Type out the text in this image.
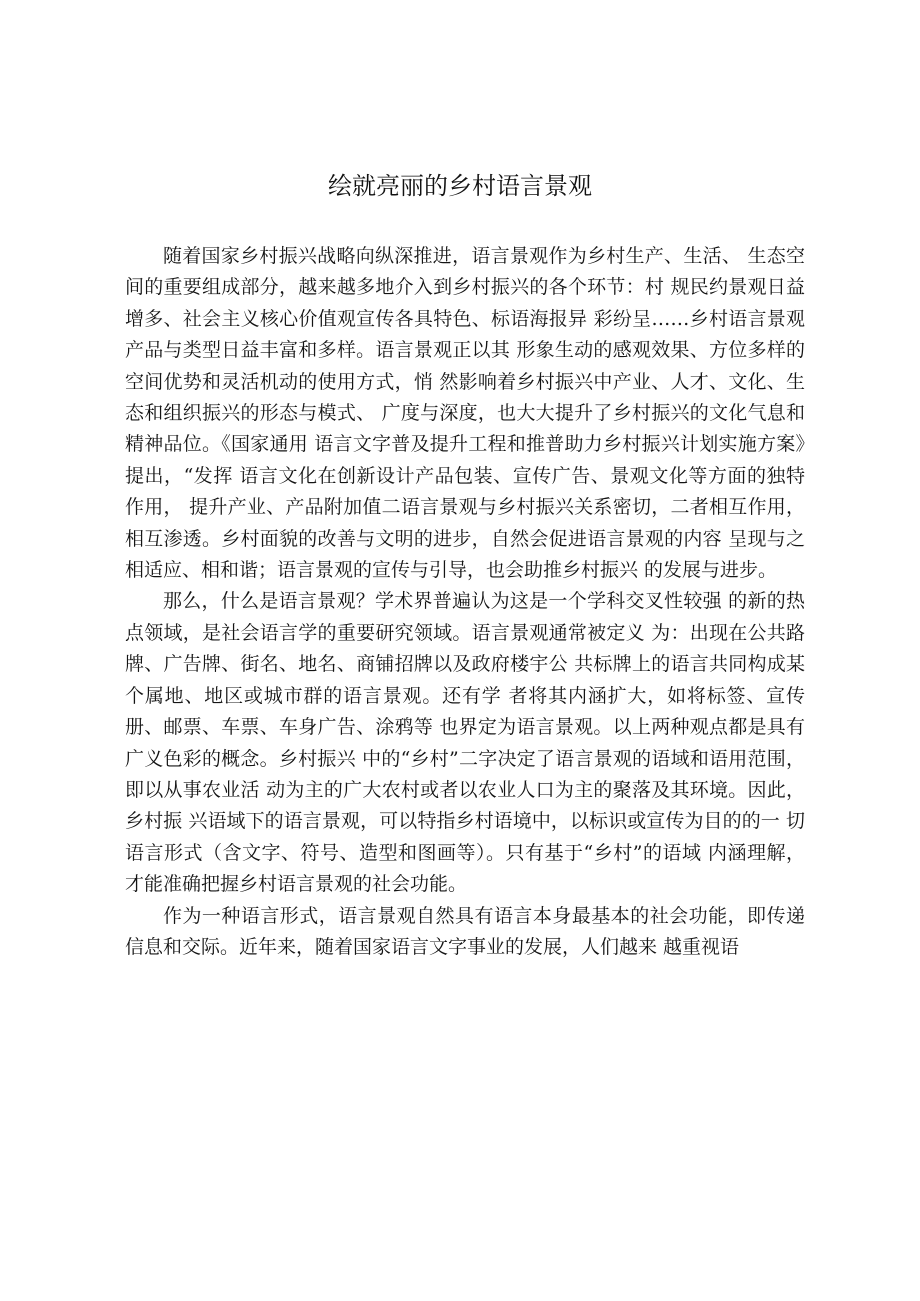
绘就亮丽的乡村语言景观

随着国家乡村振兴战略向纵深推进，语言景观作为乡村生产、生活、 生态空间的重要组成部分，越来越多地介入到乡村振兴的各个环节：村 规民约景观日益增多、社会主义核心价值观宣传各具特色、标语海报异 彩纷呈……乡村语言景观产品与类型日益丰富和多样。语言景观正以其 形象生动的感观效果、方位多样的空间优势和灵活机动的使用方式，悄 然影响着乡村振兴中产业、人才、文化、生态和组织振兴的形态与模式、 广度与深度，也大大提升了乡村振兴的文化气息和精神品位。《国家通用 语言文字普及提升工程和推普助力乡村振兴计划实施方案》提出，“发挥 语言文化在创新设计产品包装、宣传广告、景观文化等方面的独特作用， 提升产业、产品附加值二语言景观与乡村振兴关系密切，二者相互作用， 相互渗透。乡村面貌的改善与文明的进步，自然会促进语言景观的内容 呈现与之相适应、相和谐；语言景观的宣传与引导，也会助推乡村振兴 的发展与进步。

那么，什么是语言景观？学术界普遍认为这是一个学科交叉性较强 的新的热点领域，是社会语言学的重要研究领域。语言景观通常被定义 为：出现在公共路牌、广告牌、街名、地名、商铺招牌以及政府楼宇公 共标牌上的语言共同构成某个属地、地区或城市群的语言景观。还有学 者将其内涵扩大，如将标签、宣传册、邮票、车票、车身广告、涂鸦等 也界定为语言景观。以上两种观点都是具有广义色彩的概念。乡村振兴 中的“乡村”二字决定了语言景观的语域和语用范围，即以从事农业活 动为主的广大农村或者以农业人口为主的聚落及其环境。因此，乡村振 兴语域下的语言景观，可以特指乡村语境中，以标识或宣传为目的的一 切语言形式（含文字、符号、造型和图画等）。只有基于“乡村”的语域 内涵理解，才能准确把握乡村语言景观的社会功能。

作为一种语言形式，语言景观自然具有语言本身最基本的社会功能，即传递信息和交际。近年来，随着国家语言文字事业的发展，人们越来 越重视语
